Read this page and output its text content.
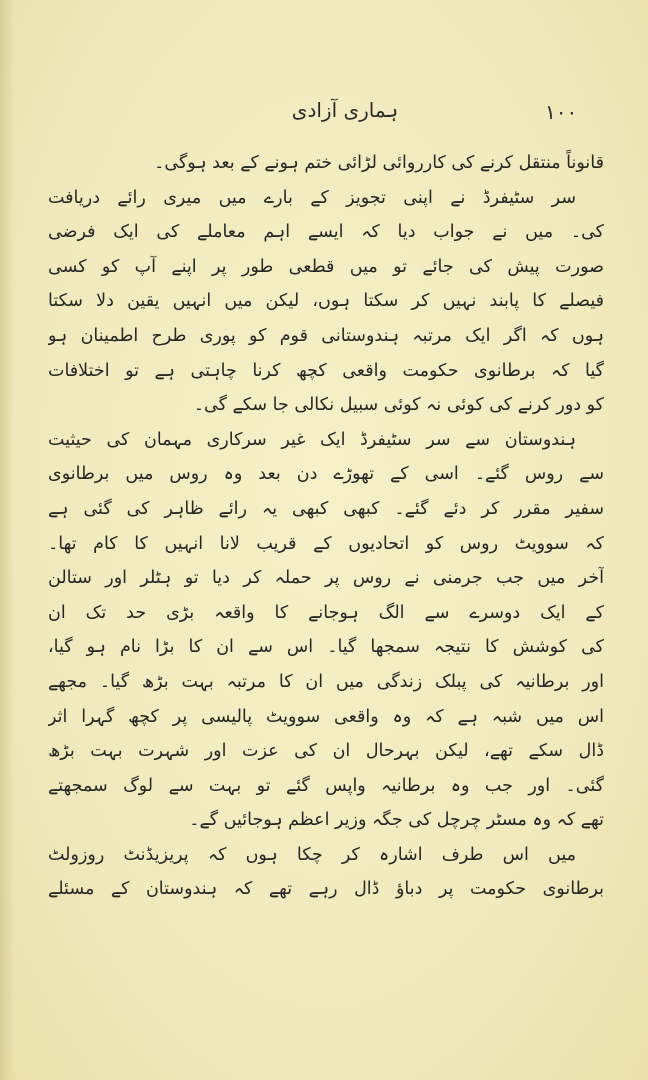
ہماری آزادی	۱۰۰
قانوناً منتقل کرنے کی کارروائی لڑائی ختم ہونے کے بعد ہوگی۔
سر سٹیفرڈ نے اپنی تجویز کے بارے میں میری رائے دریافت
کی۔ میں نے جواب دیا کہ ایسے اہم معاملے کی ایک فرضی
صورت پیش کی جائے تو میں قطعی طور پر اپنے آپ کو کسی
فیصلے کا پابند نہیں کر سکتا ہوں، لیکن میں انہیں یقین دلا سکتا
ہوں کہ اگر ایک مرتبہ ہندوستانی قوم کو پوری طرح اطمینان ہو
گیا کہ برطانوی حکومت واقعی کچھ کرنا چاہتی ہے تو اختلافات
کو دور کرنے کی کوئی نہ کوئی سبیل نکالی جا سکے گی۔
ہندوستان سے سر سٹیفرڈ ایک غیر سرکاری مہمان کی حیثیت
سے روس گئے۔ اسی کے تھوڑے دن بعد وہ روس میں برطانوی
سفیر مقرر کر دئے گئے۔ کبھی کبھی یہ رائے ظاہر کی گئی ہے
کہ سوویٹ روس کو اتحادیوں کے قریب لانا انہیں کا کام تھا۔
آخر میں جب جرمنی نے روس پر حملہ کر دیا تو ہٹلر اور ستالن
کے ایک دوسرے سے الگ ہوجانے کا واقعہ بڑی حد تک ان
کی کوشش کا نتیجہ سمجھا گیا۔ اس سے ان کا بڑا نام ہو گیا،
اور برطانیہ کی پبلک زندگی میں ان کا مرتبہ بہت بڑھ گیا۔ مجھے
اس میں شبہ ہے کہ وہ واقعی سوویٹ پالیسی پر کچھ گہرا اثر
ڈال سکے تھے، لیکن بہرحال ان کی عزت اور شہرت بہت بڑھ
گئی۔ اور جب وہ برطانیہ واپس گئے تو بہت سے لوگ سمجھتے
تھے کہ وہ مسٹر چرچل کی جگہ وزیر اعظم ہوجائیں گے۔
میں اس طرف اشارہ کر چکا ہوں کہ پریزیڈنٹ روزولٹ
برطانوی حکومت پر دباؤ ڈال رہے تھے کہ ہندوستان کے مسئلے
